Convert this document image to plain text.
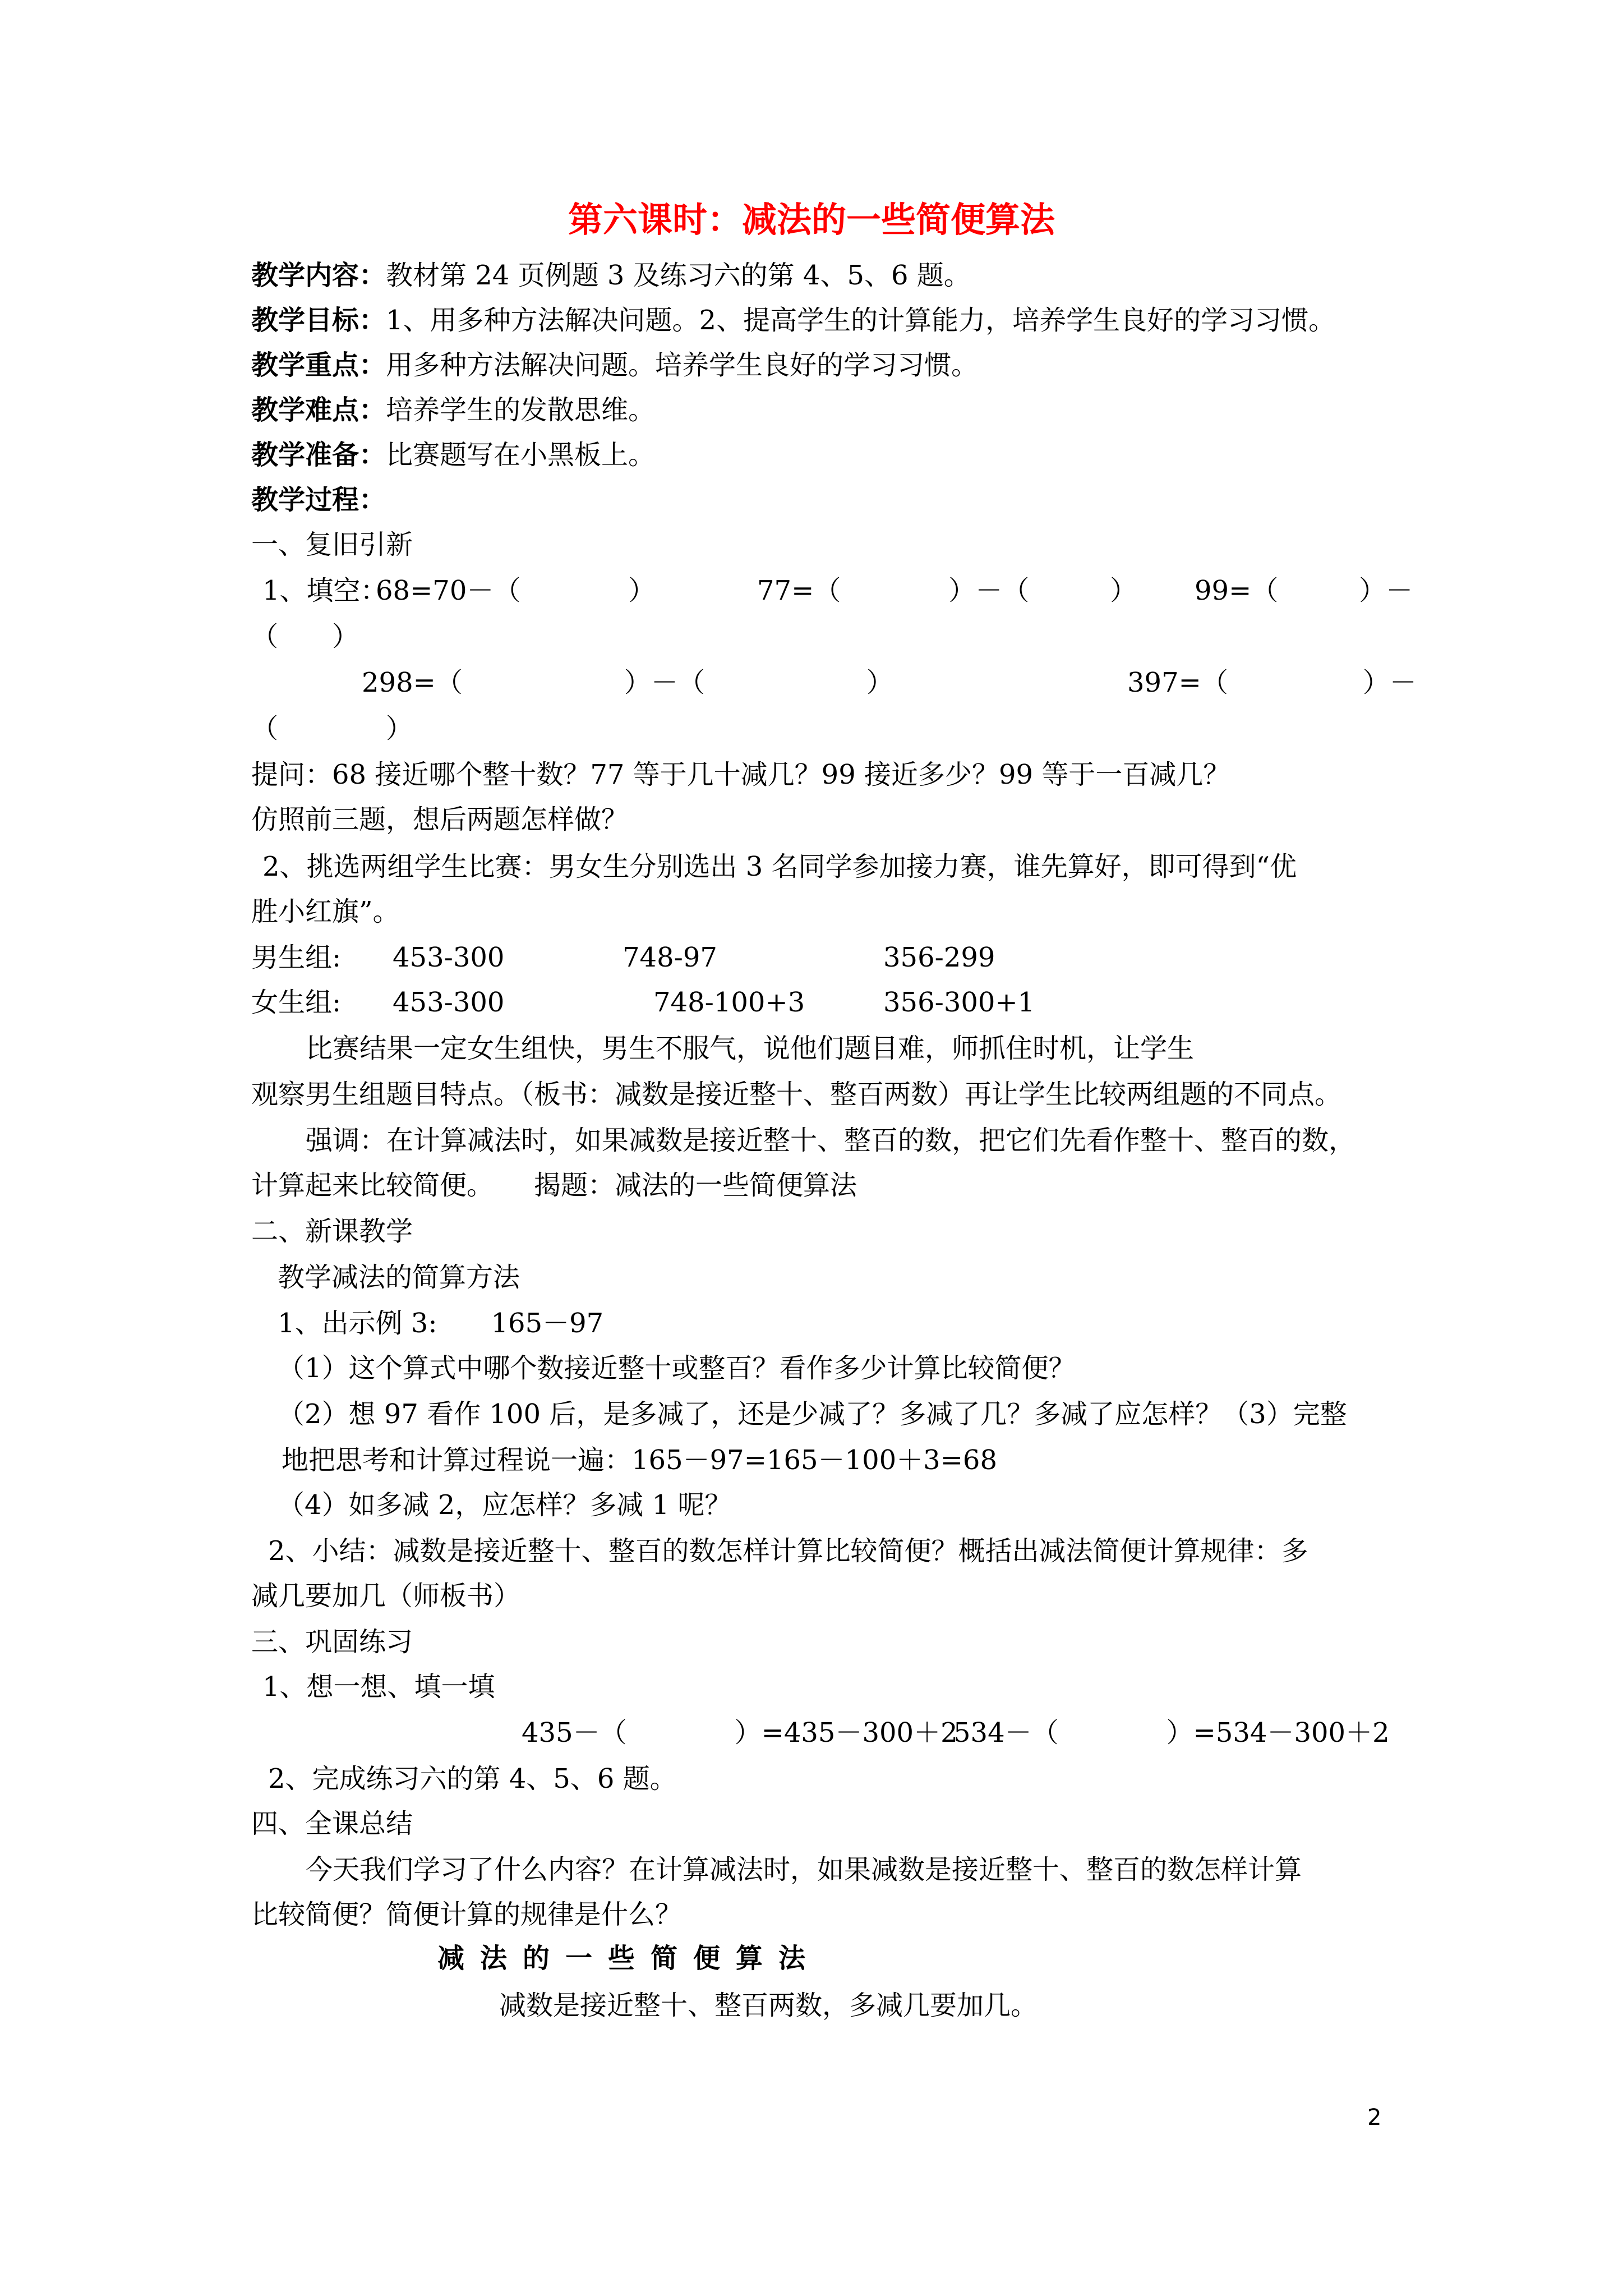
第六课时：减法的一些简便算法
教学内容：教材第 24 页例题 3 及练习六的第 4、5、6 题。
教学目标：1、用多种方法解决问题。2、提高学生的计算能力，培养学生良好的学习习惯。
教学重点：用多种方法解决问题。培养学生良好的学习习惯。
教学难点：培养学生的发散思维。
教学准备：比赛题写在小黑板上。
教学过程：
一、复旧引新
1、填空：
68=70－（　　　　）	77=（　　　　）－（　　　） 99=（　　　）－
（　　）
298=（　　　　　　）－（　　　　　　）	397=（　　　　　）－
（　　　　）
提问：68 接近哪个整十数？77 等于几十减几？99 接近多少？99 等于一百减几？
仿照前三题，想后两题怎样做？
2、挑选两组学生比赛：男女生分别选出 3 名同学参加接力赛，谁先算好，即可得到“优
胜小红旗”。
男生组: 453-300	748-97	356-299
女生组: 453-300	748-100+3	356-300+1
比赛结果一定女生组快，男生不服气，说他们题目难，师抓住时机，让学生
观察男生组题目特点。（板书：减数是接近整十、整百两数）再让学生比较两组题的不同点。
强调：在计算减法时，如果减数是接近整十、整百的数，把它们先看作整十、整百的数，
计算起来比较简便。　　揭题：减法的一些简便算法
二、新课教学
教学减法的简算方法
1、出示例 3:　　165－97
（1）这个算式中哪个数接近整十或整百？看作多少计算比较简便？
（2）想 97 看作 100 后，是多减了，还是少减了？多减了几？多减了应怎样？（3）完整
地把思考和计算过程说一遍：165－97=165－100＋3=68
（4）如多减 2，应怎样？多减 1 呢？
2、小结：减数是接近整十、整百的数怎样计算比较简便？概括出减法简便计算规律：多
减几要加几（师板书）
三、巩固练习
1、想一想、填一填
435－（　　　　）=435－300＋2
534－（　　　　）=534－300＋2
2、完成练习六的第 4、5、6 题。
四、全课总结
今天我们学习了什么内容？在计算减法时，如果减数是接近整十、整百的数怎样计算
比较简便？简便计算的规律是什么？
减法的一些简便算法
减数是接近整十、整百两数，多减几要加几。
2
